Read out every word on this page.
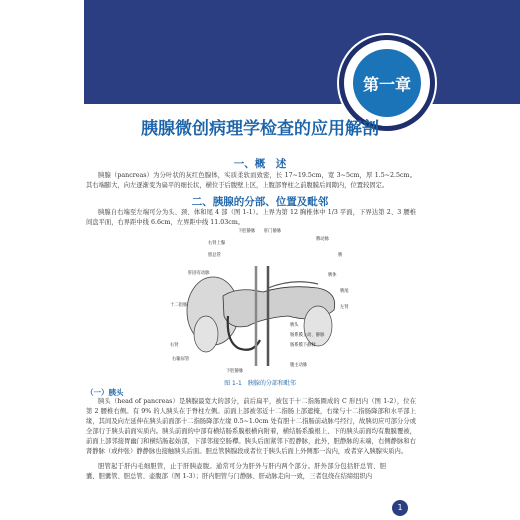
第一章
胰腺微创病理学检查的应用解剖
一、概　述

胰腺（pancreas）为分叶状的灰红色腺体，实质柔软而致密，长 17~19.5cm，宽 3~5cm，厚 1.5~2.5cm。其右端膨大，向左逐渐变为扁平的细长状，横位于后腹壁上区，上腹部脊柱之前腹膜后间隙内，位置较固定。

二、胰腺的分部、位置及毗邻

胰腺自右端至左端可分为头、颈、体和尾 4 部（图 1-1）。上界为第 12 胸椎体中 1/3 平面，下界达第 2、3 腰椎间盘平面，右界距中线 6.6cm，左界距中线 11.03cm。

下腔静脉 肝门静脉
右肾上腺
胆总管
肝固有动脉
脾动脉
胰
胰体
胰尾
左肾
十二指肠
胰头
右肾
肠系膜上动、静脉
肠系膜下静脉
腹主动脉
右输尿管
下腔静脉
图 1-1　胰腺的分部和毗邻
（一）胰头

胰头（head of pancreas）是胰腺最宽大的部分，前后扁平，被包于十二指肠圈成的 C 形凹内（图 1-2），位在第 2 腰椎右侧。有 9% 的人胰头在于脊柱左侧。前面上部被邻近十二指肠上部遮掩，右缘与十二指肠降部和水平部上缘，其间及向左延伸在胰头前面部十二指肠降部左缘 0.5~1.0cm 处有胆十二指肠前动脉弓经行，故胰切应可部分分或全部行于胰头前面实质内。胰头前面的中部有横结肠系膜根横向附着，横结肠系膜根上、下的胰头前面均有腹膜覆被，前面上部邻接胃幽门和横结肠起始部，下部邻接空肠襻。胰头后面紧邻下腔静脉，此外，胆静脉的末端，右侧静脉和右肾静脉（或仲张）静静脉也接触胰头后面。胆总管胰腺段或者位于胰头后面上外侧那一沟内，或者穿入胰腺实质内。

胆管起于肝内毛细胆管，止于肝胰壶腹。通常可分为肝外与肝内两个部分。肝外部分包括肝总管、胆囊、胆囊管、胆总管、壶腹部（图 1-3）；肝内胆管与门静脉、肝动脉走向一致，三者包绕在结缔组织内

1
